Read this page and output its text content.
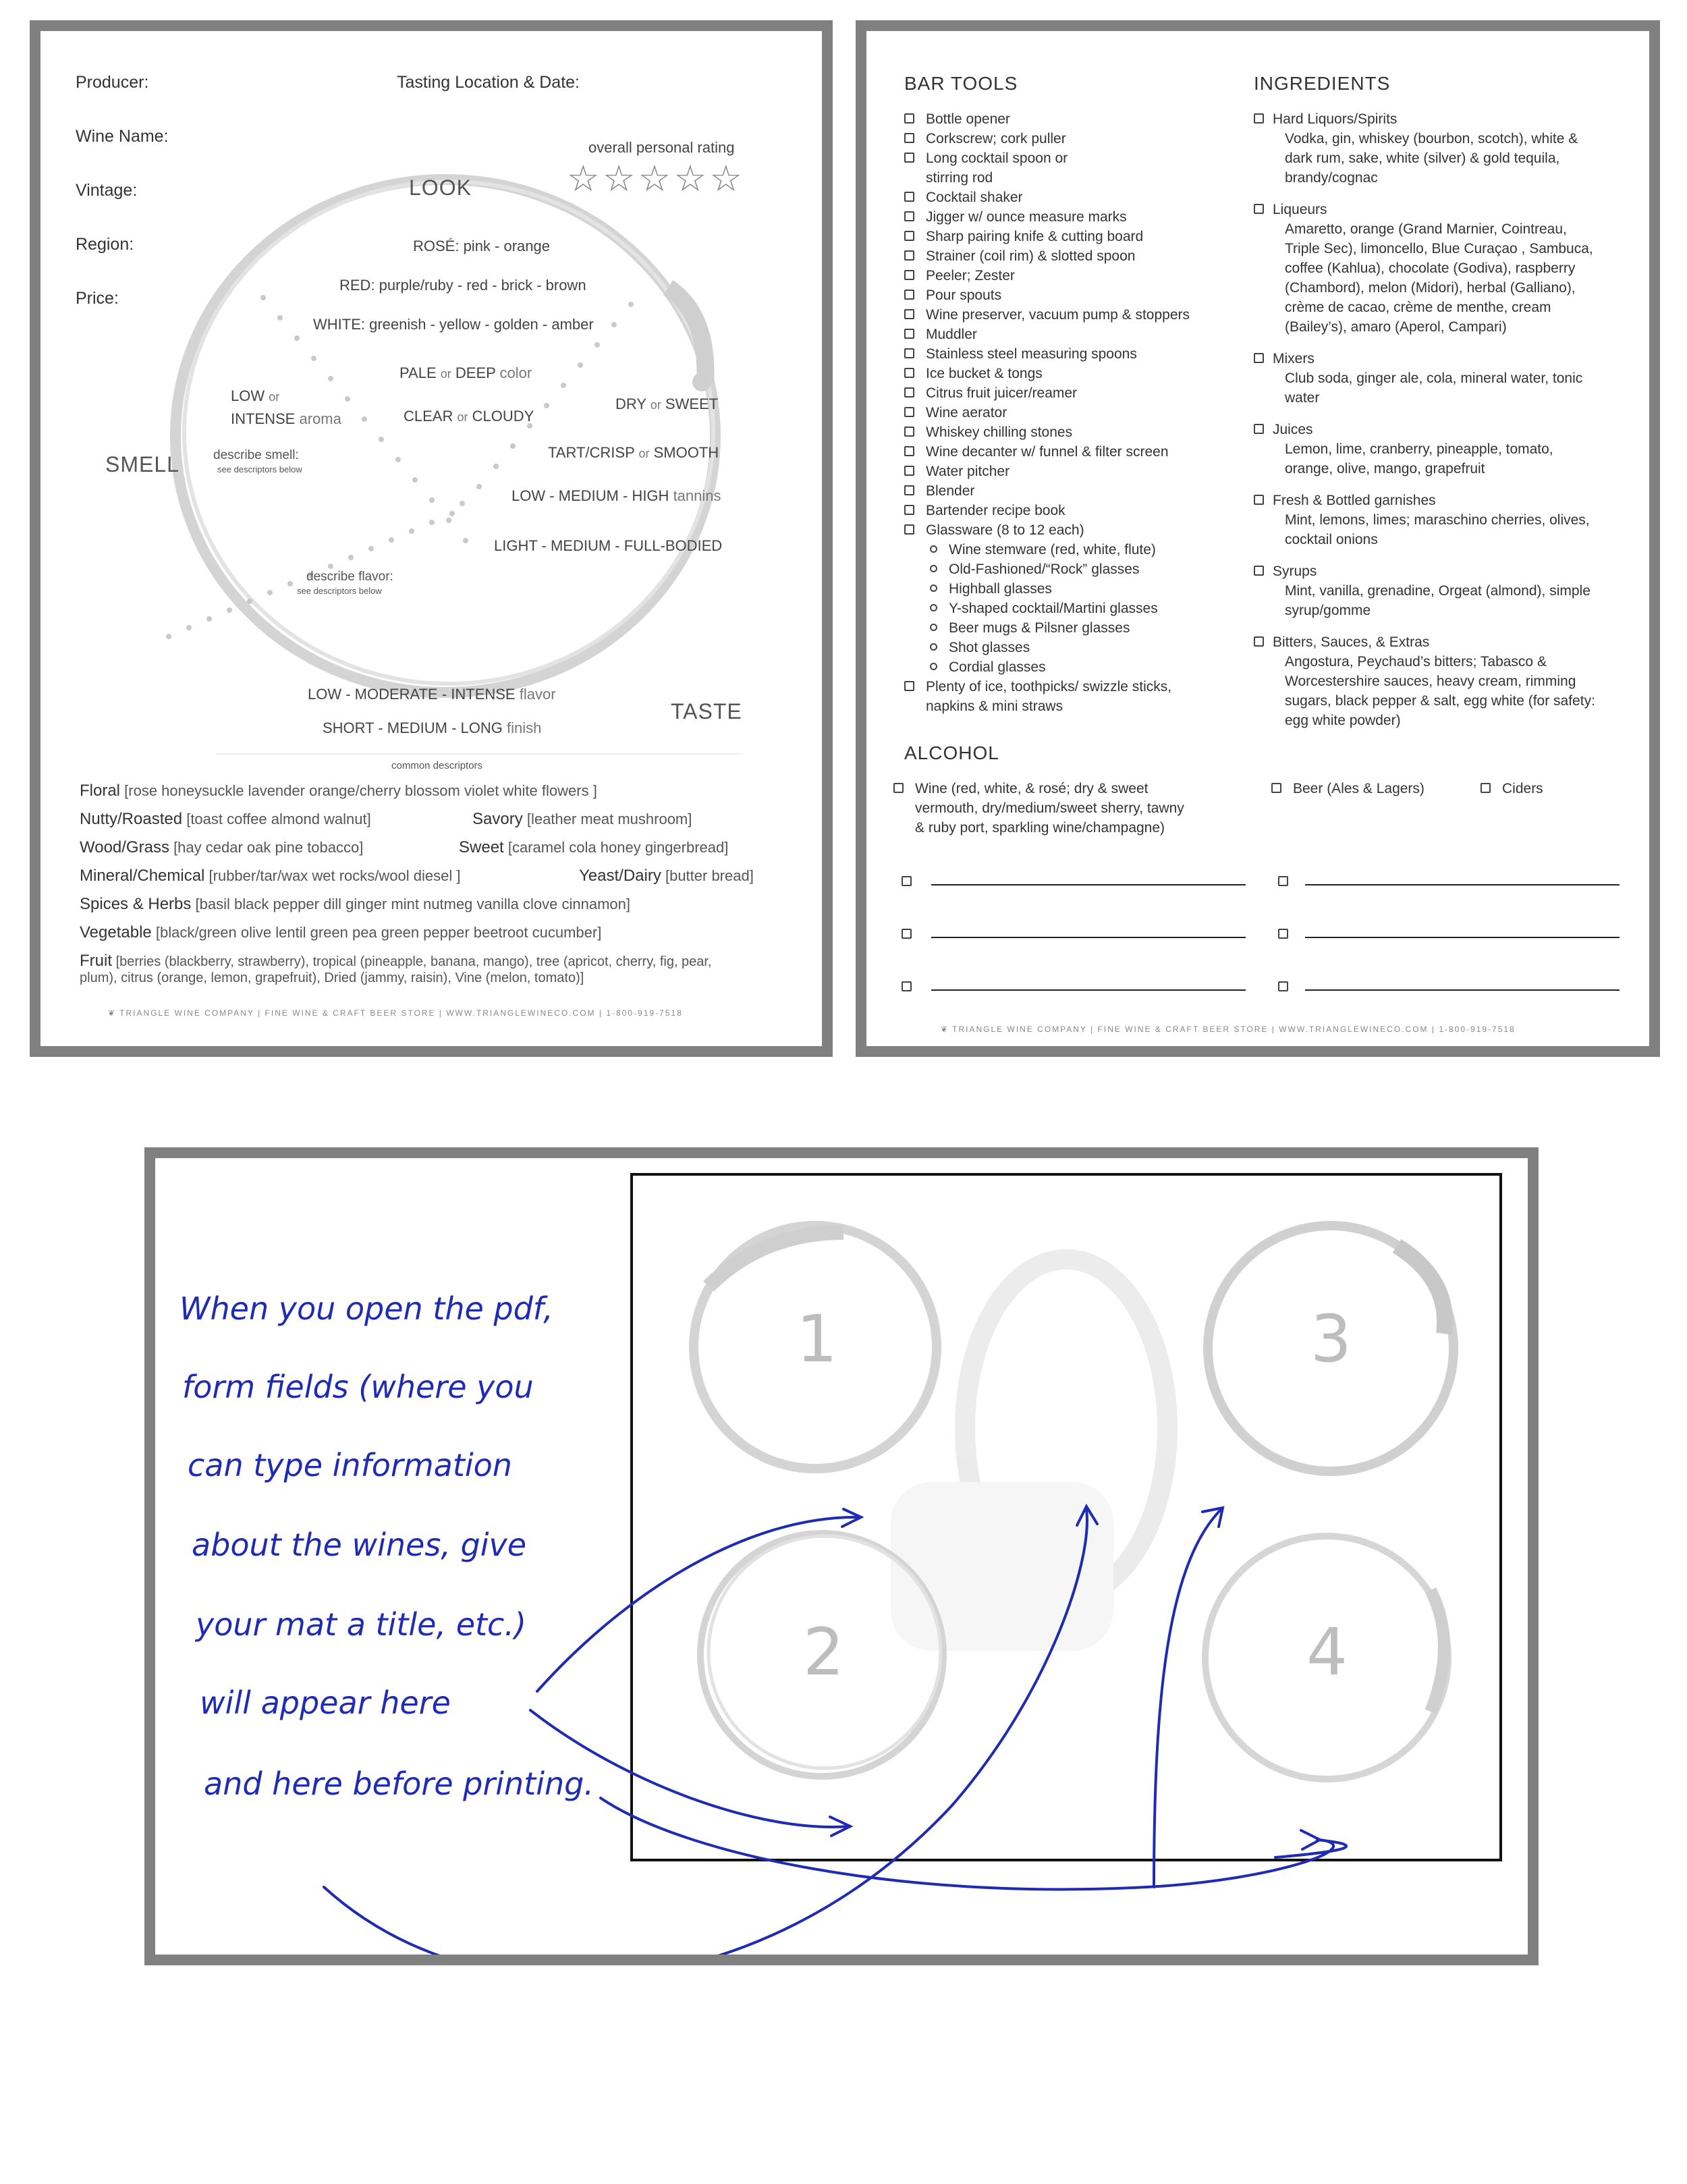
Producer:	Tasting Location & Date:
Wine Name:
Vintage:
Region:
Price:
overall personal rating
☆ ☆ ☆ ☆ ☆
LOOK
SMELL
TASTE
ROSÉ: pink - orange
RED: purple/ruby - red - brick - brown
WHITE: greenish - yellow - golden - amber
PALE or DEEP color
CLEAR or CLOUDY
LOW or
INTENSE aroma
describe smell:
see descriptors below
DRY or SWEET
TART/CRISP or SMOOTH
LOW - MEDIUM - HIGH tannins
LIGHT - MEDIUM - FULL-BODIED
describe flavor:
see descriptors below
LOW - MODERATE - INTENSE flavor
SHORT - MEDIUM - LONG finish
common descriptors
Floral [rose honeysuckle lavender orange/cherry blossom violet white flowers ]
Nutty/Roasted [toast coffee almond walnut]	Savory [leather meat mushroom]
Wood/Grass [hay cedar oak pine tobacco]	Sweet [caramel cola honey gingerbread]
Mineral/Chemical [rubber/tar/wax wet rocks/wool diesel ]	Yeast/Dairy [butter bread]
Spices & Herbs [basil black pepper dill ginger mint nutmeg vanilla clove cinnamon]
Vegetable [black/green olive lentil green pea green pepper beetroot cucumber]
Fruit [berries (blackberry, strawberry), tropical (pineapple, banana, mango), tree (apricot, cherry, fig, pear,
plum), citrus (orange, lemon, grapefruit), Dried (jammy, raisin), Vine (melon, tomato)]
❦ TRIANGLE WINE COMPANY | FINE WINE & CRAFT BEER STORE | WWW.TRIANGLEWINECO.COM | 1-800-919-7518
BAR TOOLS
Bottle opener
Corkscrew; cork puller
Long cocktail spoon or
stirring rod
Cocktail shaker
Jigger w/ ounce measure marks
Sharp pairing knife & cutting board
Strainer (coil rim) & slotted spoon
Peeler; Zester
Pour spouts
Wine preserver, vacuum pump & stoppers
Muddler
Stainless steel measuring spoons
Ice bucket & tongs
Citrus fruit juicer/reamer
Wine aerator
Whiskey chilling stones
Wine decanter w/ funnel & filter screen
Water pitcher
Blender
Bartender recipe book
Glassware (8 to 12 each)
Wine stemware (red, white, flute)
Old-Fashioned/“Rock” glasses
Highball glasses
Y-shaped cocktail/Martini glasses
Beer mugs & Pilsner glasses
Shot glasses
Cordial glasses
Plenty of ice, toothpicks/ swizzle sticks,
napkins & mini straws
INGREDIENTS
Hard Liquors/Spirits
Vodka, gin, whiskey (bourbon, scotch), white & dark rum, sake, white (silver) & gold tequila, brandy/cognac
Liqueurs
Amaretto, orange (Grand Marnier, Cointreau, Triple Sec), limoncello, Blue Curaçao , Sambuca, coffee (Kahlua), chocolate (Godiva), raspberry (Chambord), melon (Midori), herbal (Galliano), crème de cacao, crème de menthe, cream (Bailey’s), amaro (Aperol, Campari)
Mixers
Club soda, ginger ale, cola, mineral water, tonic water
Juices
Lemon, lime, cranberry, pineapple, tomato, orange, olive, mango, grapefruit
Fresh & Bottled garnishes
Mint, lemons, limes; maraschino cherries, olives, cocktail onions
Syrups
Mint, vanilla, grenadine, Orgeat (almond), simple syrup/gomme
Bitters, Sauces, & Extras
Angostura, Peychaud’s bitters; Tabasco & Worcestershire sauces, heavy cream, rimming sugars, black pepper & salt, egg white (for safety: egg white powder)
ALCOHOL
Wine (red, white, & rosé; dry & sweet
vermouth, dry/medium/sweet sherry, tawny
& ruby port, sparkling wine/champagne)
Beer (Ales & Lagers)	Ciders
❦ TRIANGLE WINE COMPANY | FINE WINE & CRAFT BEER STORE | WWW.TRIANGLEWINECO.COM | 1-800-919-7518
1
2
3
4
When you open the pdf,
form fields (where you
can type information
about the wines, give
your mat a title, etc.)
will appear here
and here before printing.
